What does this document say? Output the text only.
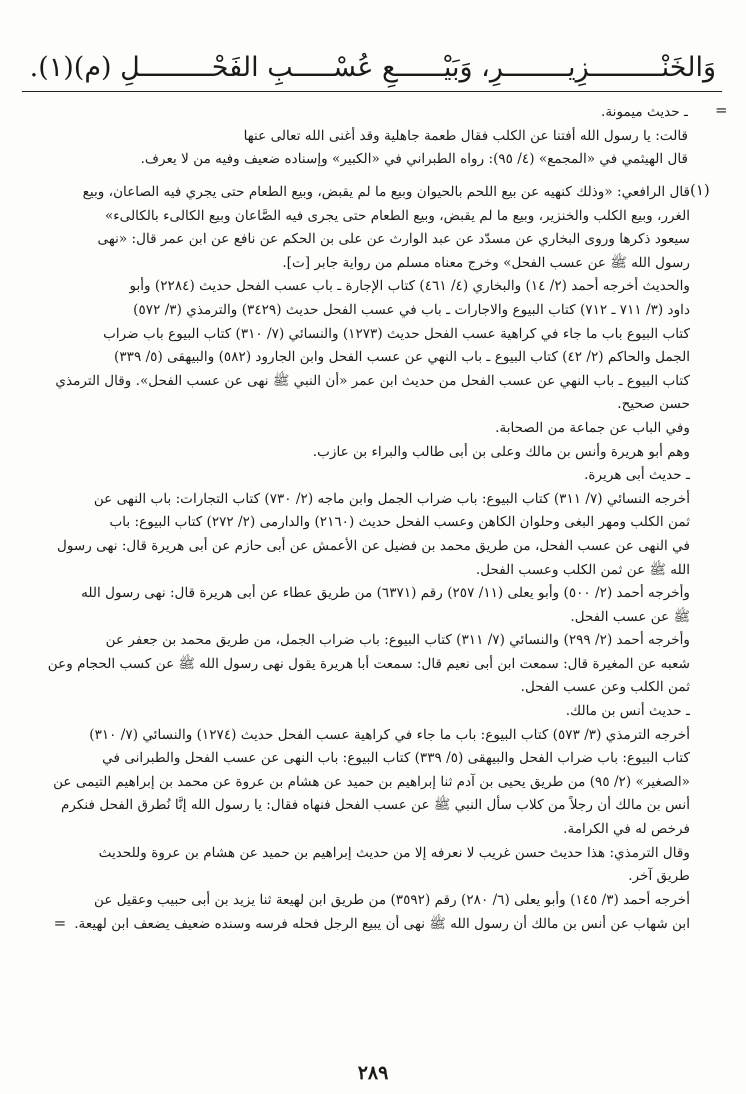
وَالخَنْـــــــــزِيــــــــرِ، وَبَيْــــــعِ عُسْـــــبِ الفَحْـــــــــلِ (م)(١).
=
ـ حديث ميمونة.
قالت: يا رسول الله أفتنا عن الكلب فقال طعمة جاهلية وقد أغنى الله تعالى عنها
قال الهيثمي في «المجمع» (٤/ ٩٥): رواه الطبراني في «الكبير» وإسناده ضعيف وفيه من لا يعرف.
(١)
قال الرافعي: «وذلك كنهيه عن بيع اللحم بالحيوان وبيع ما لم يقبض، وبيع الطعام حتى يجري فيه الصاعان، وبيع
الغرر، وبيع الكلب والخنزير، وبيع ما لم يقبض، وبيع الطعام حتى يجرى فيه الصَّاعان وبيع الكالىء بالكالىء»
سيعود ذكرها وروى البخاري عن مسدّد عن عبد الوارث عن على بن الحكم عن نافع عن ابن عمر قال: «نهى
رسول الله ﷺ عن عسب الفحل» وخرج معناه مسلم من رواية جابر [ت].
والحديث أخرجه أحمد (٢/ ١٤) والبخاري (٤/ ٤٦١) كتاب الإجارة ـ باب عسب الفحل حديث (٢٢٨٤) وأبو
داود (٣/ ٧١١ ـ ٧١٢) كتاب البيوع والاجارات ـ باب في عسب الفحل حديث (٣٤٢٩) والترمذي (٣/ ٥٧٢)
كتاب البيوع باب ما جاء في كراهية عسب الفحل حديث (١٢٧٣) والنسائي (٧/ ٣١٠) كتاب البيوع باب ضراب
الجمل والحاكم (٢/ ٤٢) كتاب البيوع ـ باب النهي عن عسب الفحل وابن الجارود (٥٨٢) والبيهقى (٥/ ٣٣٩)
كتاب البيوع ـ باب النهي عن عسب الفحل من حديث ابن عمر «أن النبي ﷺ نهى عن عسب الفحل». وقال الترمذي
حسن صحيح.
وفي الباب عن جماعة من الصحابة.
وهم أبو هريرة وأنس بن مالك وعلى بن أبى طالب والبراء بن عازب.
ـ حديث أبى هريرة.
أخرجه النسائي (٧/ ٣١١) كتاب البيوع: باب ضراب الجمل وابن ماجه (٢/ ٧٣٠) كتاب التجارات: باب النهى عن
ثمن الكلب ومهر البغى وحلوان الكاهن وعسب الفحل حديث (٢١٦٠) والدارمى (٢/ ٢٧٢) كتاب البيوع: باب
في النهى عن عسب الفحل، من طريق محمد بن فضيل عن الأعمش عن أبى حازم عن أبى هريرة قال: نهى رسول
الله ﷺ عن ثمن الكلب وعسب الفحل.
وأخرجه أحمد (٢/ ٥٠٠) وأبو يعلى (١١/ ٢٥٧) رقم (٦٣٧١) من طريق عطاء عن أبى هريرة قال: نهى رسول الله
ﷺ عن عسب الفحل.
وأخرجه أحمد (٢/ ٢٩٩) والنسائي (٧/ ٣١١) كتاب البيوع: باب ضراب الجمل، من طريق محمد بن جعفر عن
شعبه عن المغيرة قال: سمعت ابن أبى نعيم قال: سمعت أبا هريرة يقول نهى رسول الله ﷺ عن كسب الحجام وعن
ثمن الكلب وعن عسب الفحل.
ـ حديث أنس بن مالك.
أخرجه الترمذي (٣/ ٥٧٣) كتاب البيوع: باب ما جاء في كراهية عسب الفحل حديث (١٢٧٤) والنسائي (٧/ ٣١٠)
كتاب البيوع: باب ضراب الفحل والبيهقى (٥/ ٣٣٩) كتاب البيوع: باب النهى عن عسب الفحل والطبرانى في
«الصغير» (٢/ ٩٥) من طريق يحيى بن آدم ثنا إبراهيم بن حميد عن هشام بن عروة عن محمد بن إبراهيم التيمى عن
أنس بن مالك أن رجلاً من كلاب سأل النبي ﷺ عن عسب الفحل فنهاه فقال: يا رسول الله إنَّا نُطرق الفحل فنكرم
فرخص له في الكرامة.
وقال الترمذي: هذا حديث حسن غريب لا نعرفه إلا من حديث إبراهيم بن حميد عن هشام بن عروة وللحديث
طريق آخر.
أخرجه أحمد (٣/ ١٤٥) وأبو يعلى (٦/ ٢٨٠) رقم (٣٥٩٢) من طريق ابن لهيعة ثنا يزيد بن أبى حبيب وعقيل عن
ابن شهاب عن أنس بن مالك أن رسول الله ﷺ نهى أن يبيع الرجل فحله فرسه وسنده ضعيف يضعف ابن لهيعة.=
٢٨٩
